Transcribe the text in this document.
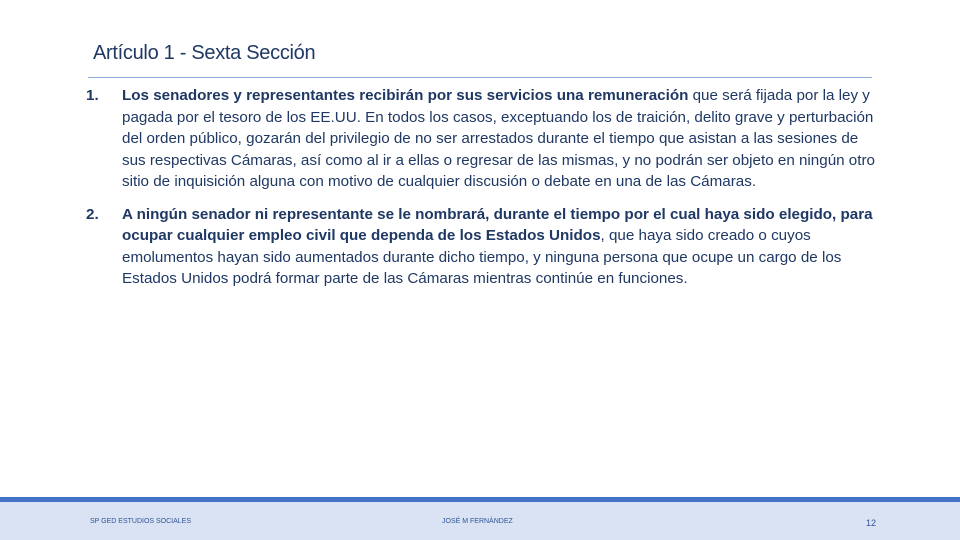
Artículo 1 - Sexta Sección
1. Los senadores y representantes recibirán por sus servicios una remuneración que será fijada por la ley y pagada por el tesoro de los EE.UU. En todos los casos, exceptuando los de traición, delito grave y perturbación del orden público, gozarán del privilegio de no ser arrestados durante el tiempo que asistan a las sesiones de sus respectivas Cámaras, así como al ir a ellas o regresar de las mismas, y no podrán ser objeto en ningún otro sitio de inquisición alguna con motivo de cualquier discusión o debate en una de las Cámaras.
2. A ningún senador ni representante se le nombrará, durante el tiempo por el cual haya sido elegido, para ocupar cualquier empleo civil que dependa de los Estados Unidos, que haya sido creado o cuyos emolumentos hayan sido aumentados durante dicho tiempo, y ninguna persona que ocupe un cargo de los Estados Unidos podrá formar parte de las Cámaras mientras continúe en funciones.
SP GED ESTUDIOS SOCIALES	JOSÉ M FERNÁNDEZ	12
